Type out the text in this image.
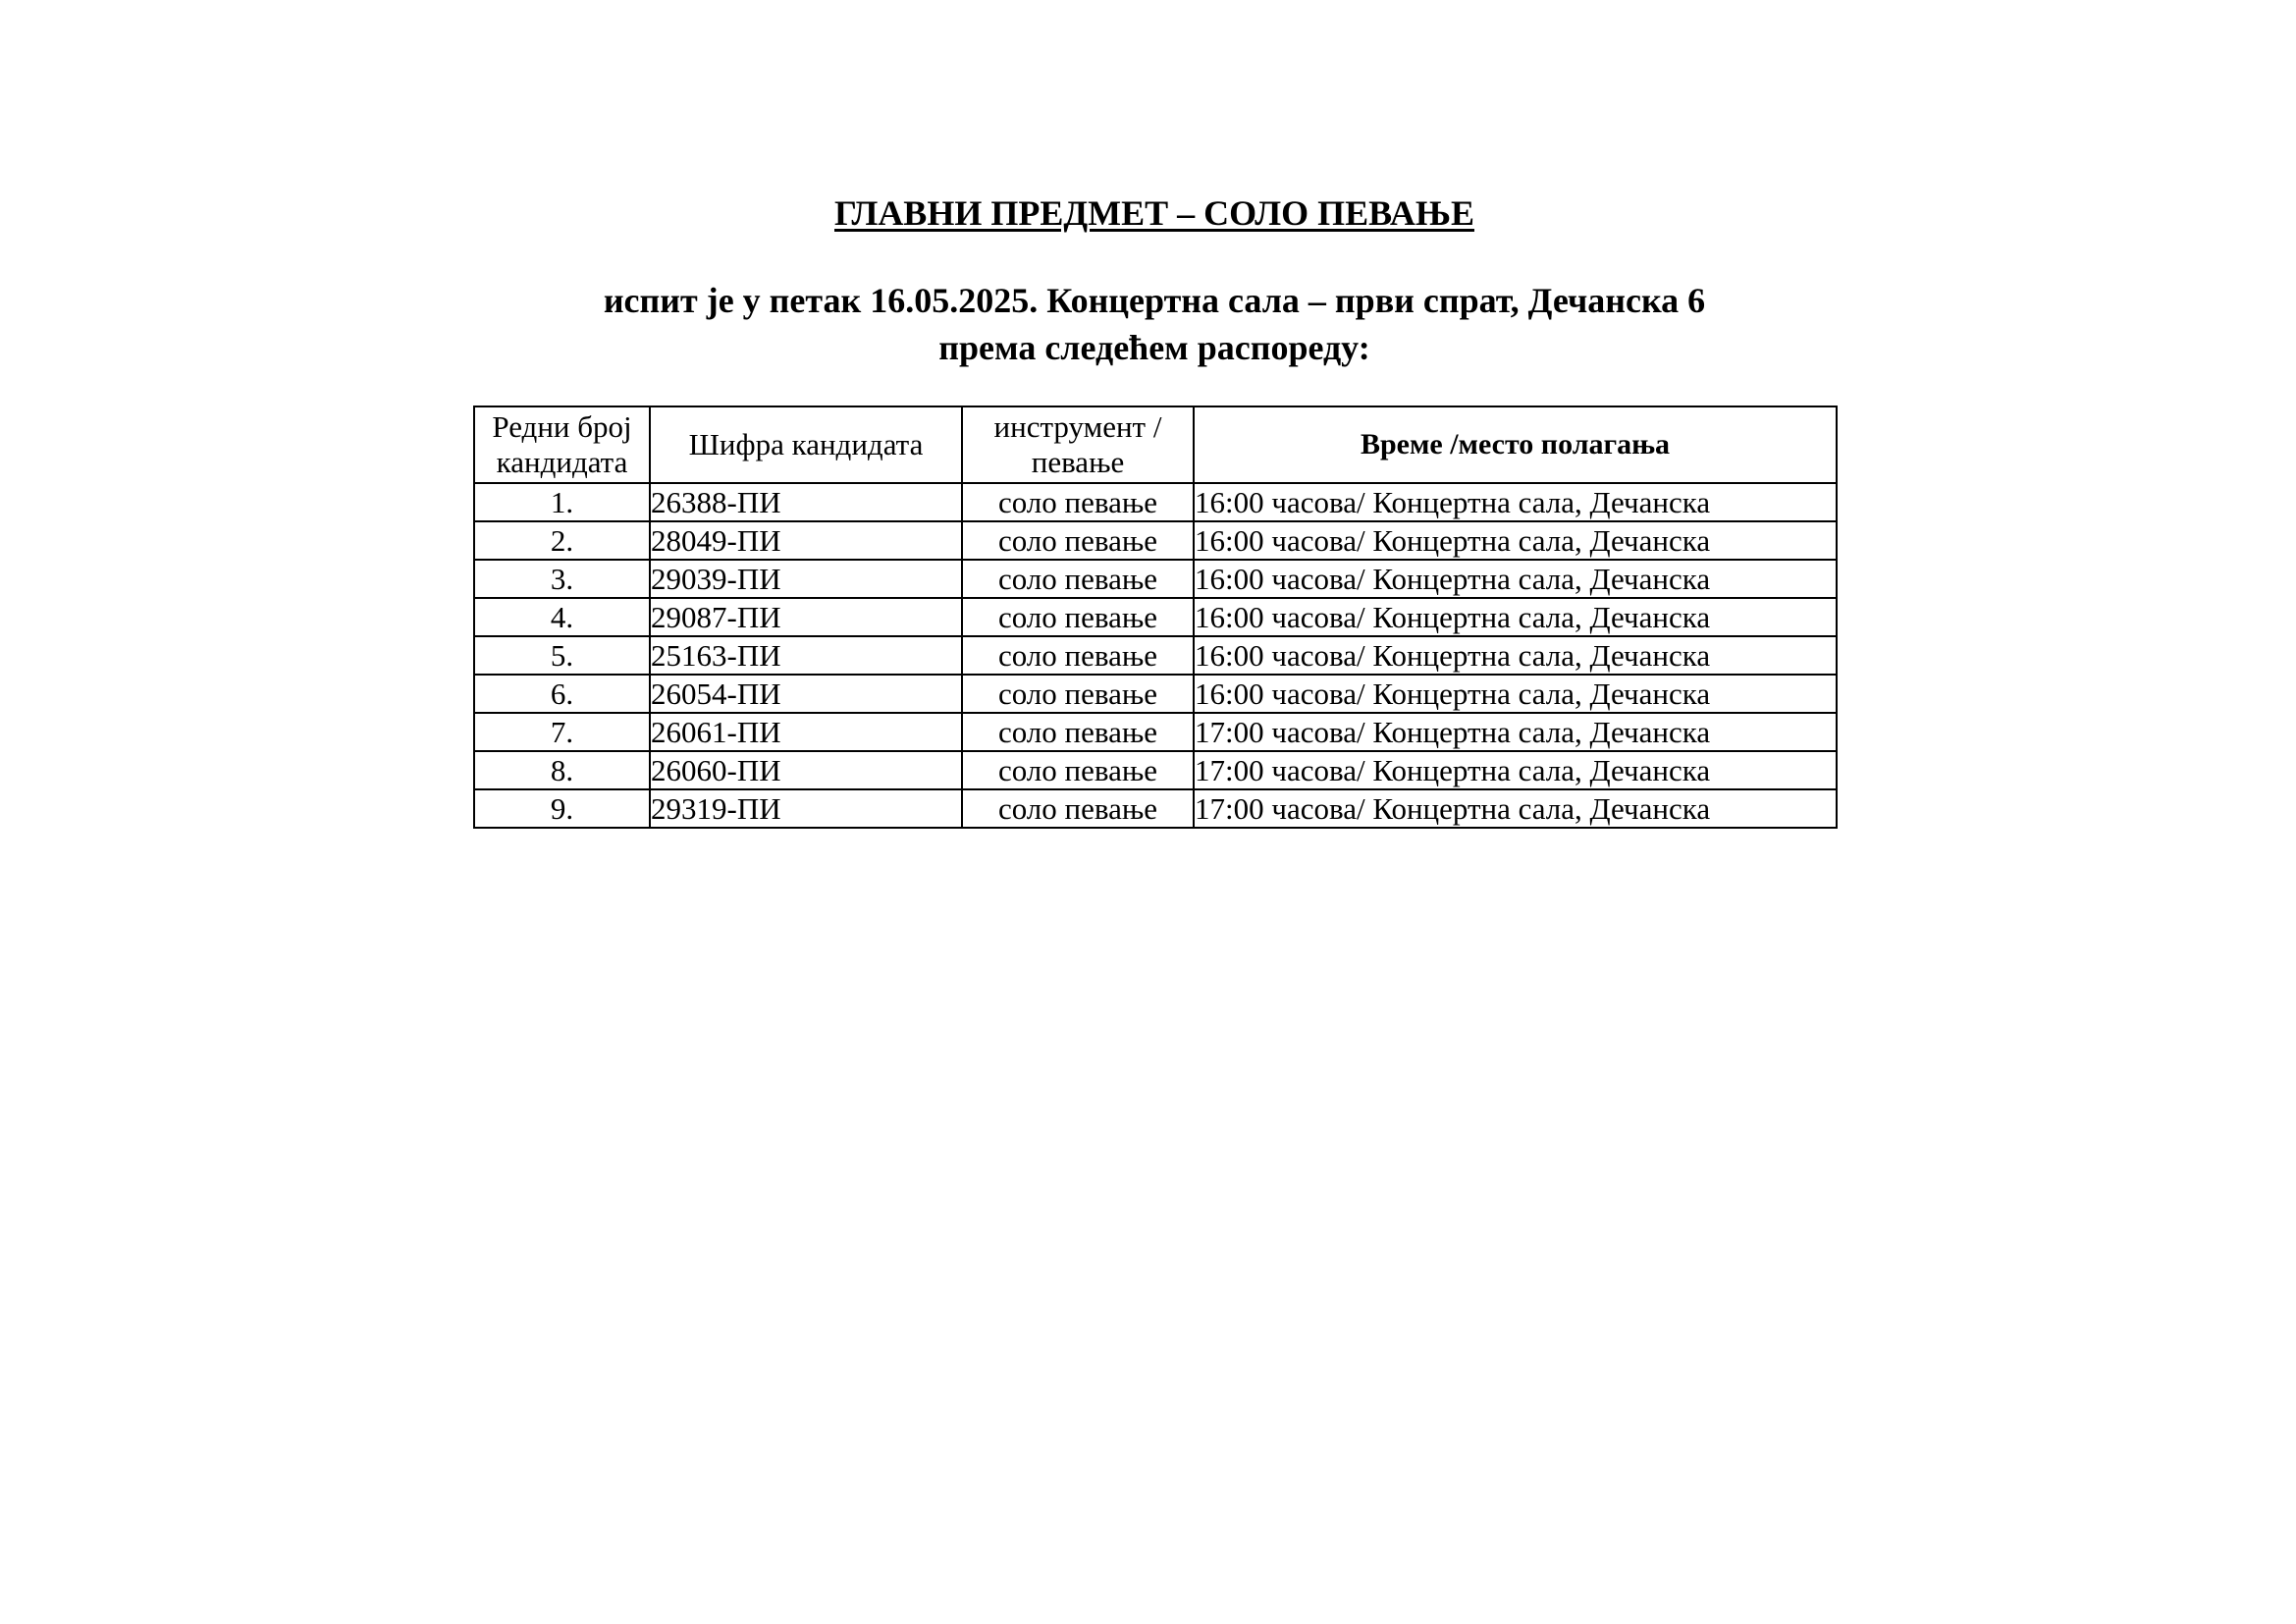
ГЛАВНИ ПРЕДМЕТ – СОЛО ПЕВАЊЕ
испит је у петак 16.05.2025. Концертна сала – први спрат, Дечанска 6
према следећем распореду:
Редни број кандидата	Шифра кандидата	инструмент /певање	Време /место полагања
1.	26388-ПИ	соло певање	16:00 часова/ Концертна сала, Дечанска
2.	28049-ПИ	соло певање	16:00 часова/ Концертна сала, Дечанска
3.	29039-ПИ	соло певање	16:00 часова/ Концертна сала, Дечанска
4.	29087-ПИ	соло певање	16:00 часова/ Концертна сала, Дечанска
5.	25163-ПИ	соло певање	16:00 часова/ Концертна сала, Дечанска
6.	26054-ПИ	соло певање	16:00 часова/ Концертна сала, Дечанска
7.	26061-ПИ	соло певање	17:00 часова/ Концертна сала, Дечанска
8.	26060-ПИ	соло певање	17:00 часова/ Концертна сала, Дечанска
9.	29319-ПИ	соло певање	17:00 часова/ Концертна сала, Дечанска
